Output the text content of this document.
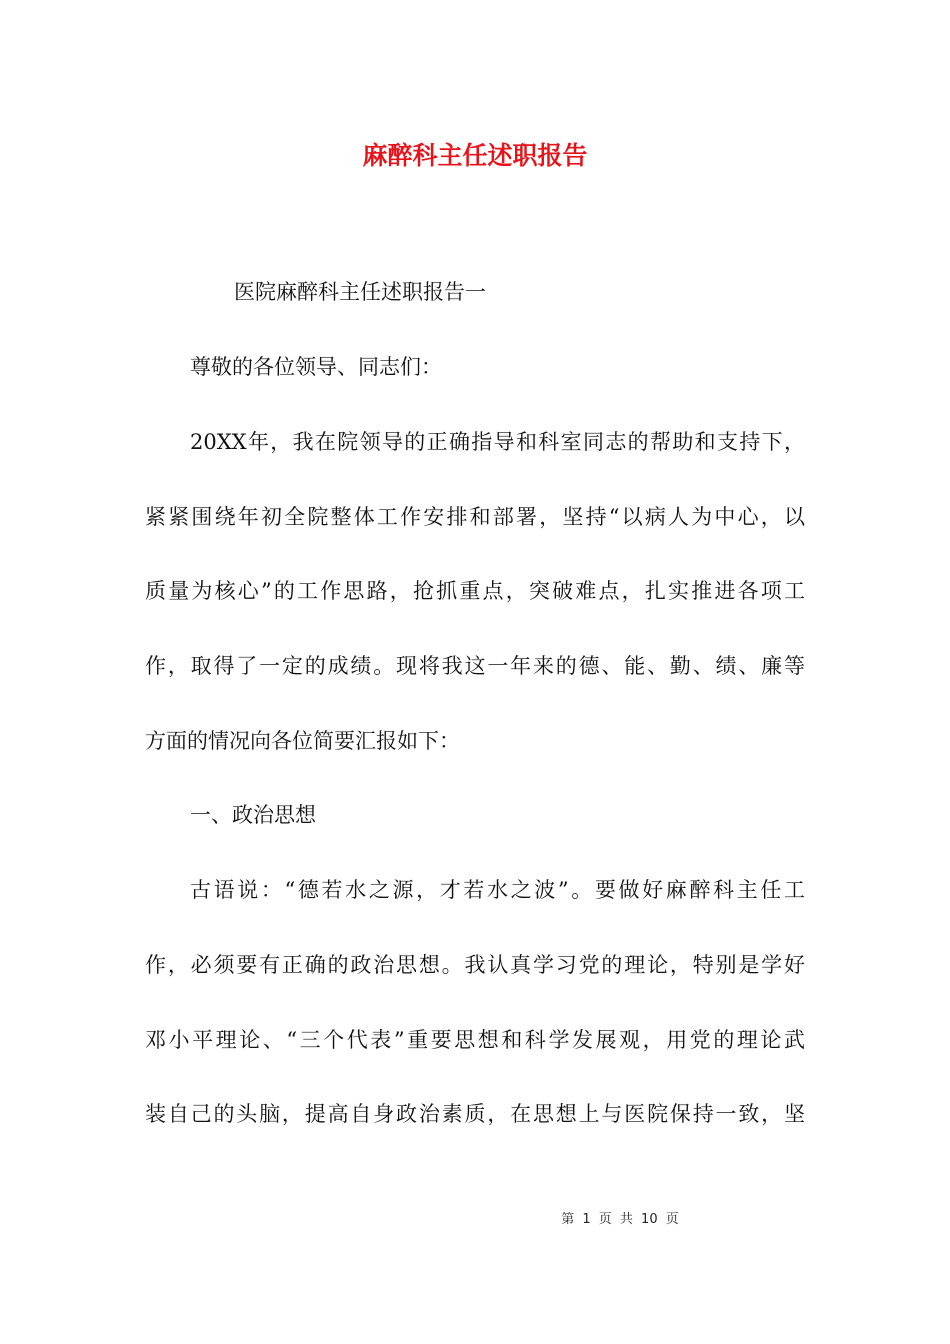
麻醉科主任述职报告
医院麻醉科主任述职报告一
尊敬的各位领导、同志们：
20XX年，我在院领导的正确指导和科室同志的帮助和支持下，
紧紧围绕年初全院整体工作安排和部署，坚持“以病人为中心，以
质量为核心”的工作思路，抢抓重点，突破难点，扎实推进各项工
作，取得了一定的成绩。现将我这一年来的德、能、勤、绩、廉等
方面的情况向各位简要汇报如下：
一、政治思想
古语说：“德若水之源，才若水之波”。要做好麻醉科主任工
作，必须要有正确的政治思想。我认真学习党的理论，特别是学好
邓小平理论、“三个代表”重要思想和科学发展观，用党的理论武
装自己的头脑，提高自身政治素质，在思想上与医院保持一致，坚
第 1 页 共 10 页
